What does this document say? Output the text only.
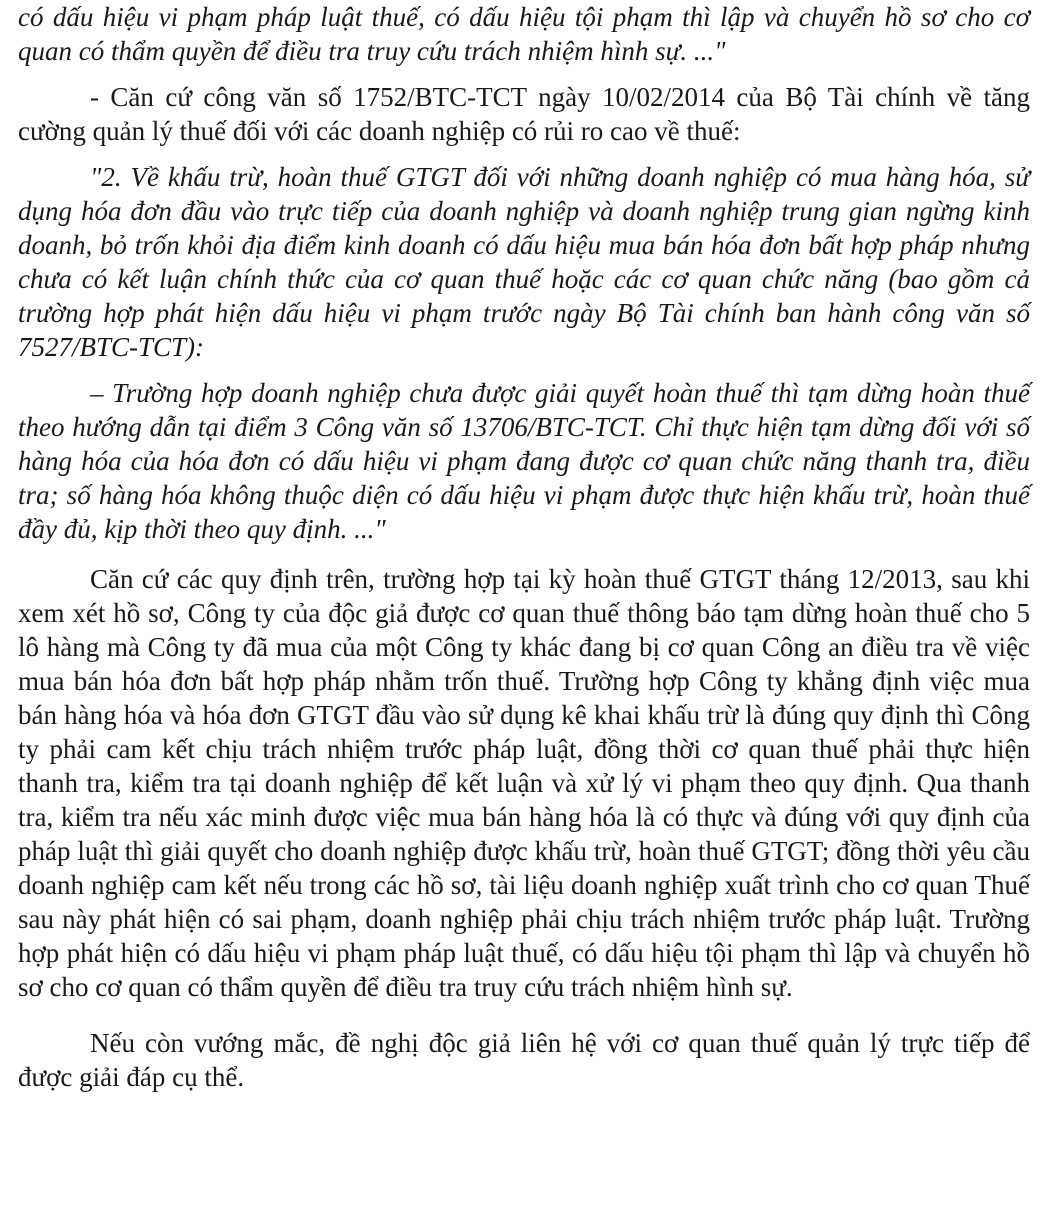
có dấu hiệu vi phạm pháp luật thuế, có dấu hiệu tội phạm thì lập và chuyển hồ sơ cho cơ quan có thẩm quyền để điều tra truy cứu trách nhiệm hình sự. ..."

- Căn cứ công văn số 1752/BTC-TCT ngày 10/02/2014 của Bộ Tài chính về tăng cường quản lý thuế đối với các doanh nghiệp có rủi ro cao về thuế:

"2. Về khấu trừ, hoàn thuế GTGT đối với những doanh nghiệp có mua hàng hóa, sử dụng hóa đơn đầu vào trực tiếp của doanh nghiệp và doanh nghiệp trung gian ngừng kinh doanh, bỏ trốn khỏi địa điểm kinh doanh có dấu hiệu mua bán hóa đơn bất hợp pháp nhưng chưa có kết luận chính thức của cơ quan thuế hoặc các cơ quan chức năng (bao gồm cả trường hợp phát hiện dấu hiệu vi phạm trước ngày Bộ Tài chính ban hành công văn số 7527/BTC-TCT):

– Trường hợp doanh nghiệp chưa được giải quyết hoàn thuế thì tạm dừng hoàn thuế theo hướng dẫn tại điểm 3 Công văn số 13706/BTC-TCT. Chỉ thực hiện tạm dừng đối với số hàng hóa của hóa đơn có dấu hiệu vi phạm đang được cơ quan chức năng thanh tra, điều tra; số hàng hóa không thuộc diện có dấu hiệu vi phạm được thực hiện khấu trừ, hoàn thuế đầy đủ, kịp thời theo quy định. ..."

Căn cứ các quy định trên, trường hợp tại kỳ hoàn thuế GTGT tháng 12/2013, sau khi xem xét hồ sơ, Công ty của độc giả được cơ quan thuế thông báo tạm dừng hoàn thuế cho 5 lô hàng mà Công ty đã mua của một Công ty khác đang bị cơ quan Công an điều tra về việc mua bán hóa đơn bất hợp pháp nhằm trốn thuế. Trường hợp Công ty khẳng định việc mua bán hàng hóa và hóa đơn GTGT đầu vào sử dụng kê khai khấu trừ là đúng quy định thì Công ty phải cam kết chịu trách nhiệm trước pháp luật, đồng thời cơ quan thuế phải thực hiện thanh tra, kiểm tra tại doanh nghiệp để kết luận và xử lý vi phạm theo quy định. Qua thanh tra, kiểm tra nếu xác minh được việc mua bán hàng hóa là có thực và đúng với quy định của pháp luật thì giải quyết cho doanh nghiệp được khấu trừ, hoàn thuế GTGT; đồng thời yêu cầu doanh nghiệp cam kết nếu trong các hồ sơ, tài liệu doanh nghiệp xuất trình cho cơ quan Thuế sau này phát hiện có sai phạm, doanh nghiệp phải chịu trách nhiệm trước pháp luật. Trường hợp phát hiện có dấu hiệu vi phạm pháp luật thuế, có dấu hiệu tội phạm thì lập và chuyển hồ sơ cho cơ quan có thẩm quyền để điều tra truy cứu trách nhiệm hình sự.

Nếu còn vướng mắc, đề nghị độc giả liên hệ với cơ quan thuế quản lý trực tiếp để được giải đáp cụ thể.
